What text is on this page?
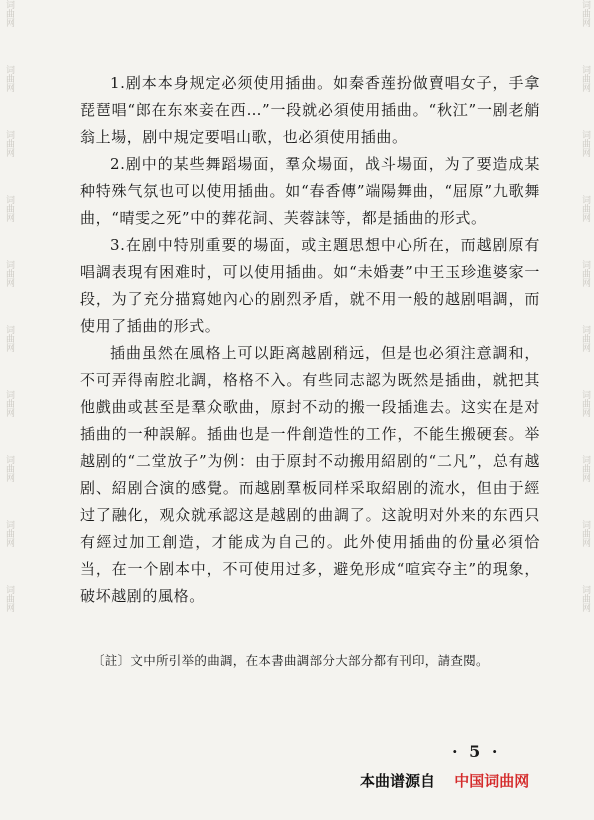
词曲网
词曲网
词曲网
词曲网
词曲网
词曲网
词曲网
词曲网
词曲网
词曲网
词曲网
词曲网
词曲网
词曲网
词曲网
词曲网
词曲网
词曲网
词曲网
词曲网

1.剧本本身规定必须使用插曲。如秦香莲扮做賣唱女子，手拿琵琶唱“郎在东來妾在西…”一段就必須使用插曲。“秋江”一剧老艄翁上場，剧中規定要唱山歌，也必須使用插曲。

2.剧中的某些舞蹈場面，羣众場面，战斗場面，为了要造成某种特殊气氛也可以使用插曲。如“春香傳”端陽舞曲，“屈原”九歌舞曲，“晴雯之死”中的葬花詞、芙蓉誄等，都是插曲的形式。

3.在剧中特別重要的場面，或主題思想中心所在，而越剧原有唱調表現有困难时，可以使用插曲。如“未婚妻”中王玉珍進婆家一段，为了充分描寫她內心的剧烈矛盾，就不用一般的越剧唱調，而使用了插曲的形式。

插曲虽然在風格上可以距离越剧稍远，但是也必須注意調和，不可弄得南腔北調，格格不入。有些同志認为既然是插曲，就把其他戲曲或甚至是羣众歌曲，原封不动的搬一段插進去。这实在是对插曲的一种誤解。插曲也是一件創造性的工作，不能生搬硬套。举越剧的“二堂放子”为例：由于原封不动搬用紹剧的“二凡”，总有越剧、紹剧合演的感覺。而越剧羣板同样采取紹剧的流水，但由于經过了融化，观众就承認这是越剧的曲調了。这說明对外来的东西只有經过加工創造，才能成为自己的。此外使用插曲的份量必須恰当，在一个剧本中，不可使用过多，避免形成“喧宾夺主”的現象，破坏越剧的風格。

〔註〕文中所引举的曲調，在本書曲調部分大部分都有刊印，請查閱。

· 5 ·
本曲谱源自 中国词曲网
